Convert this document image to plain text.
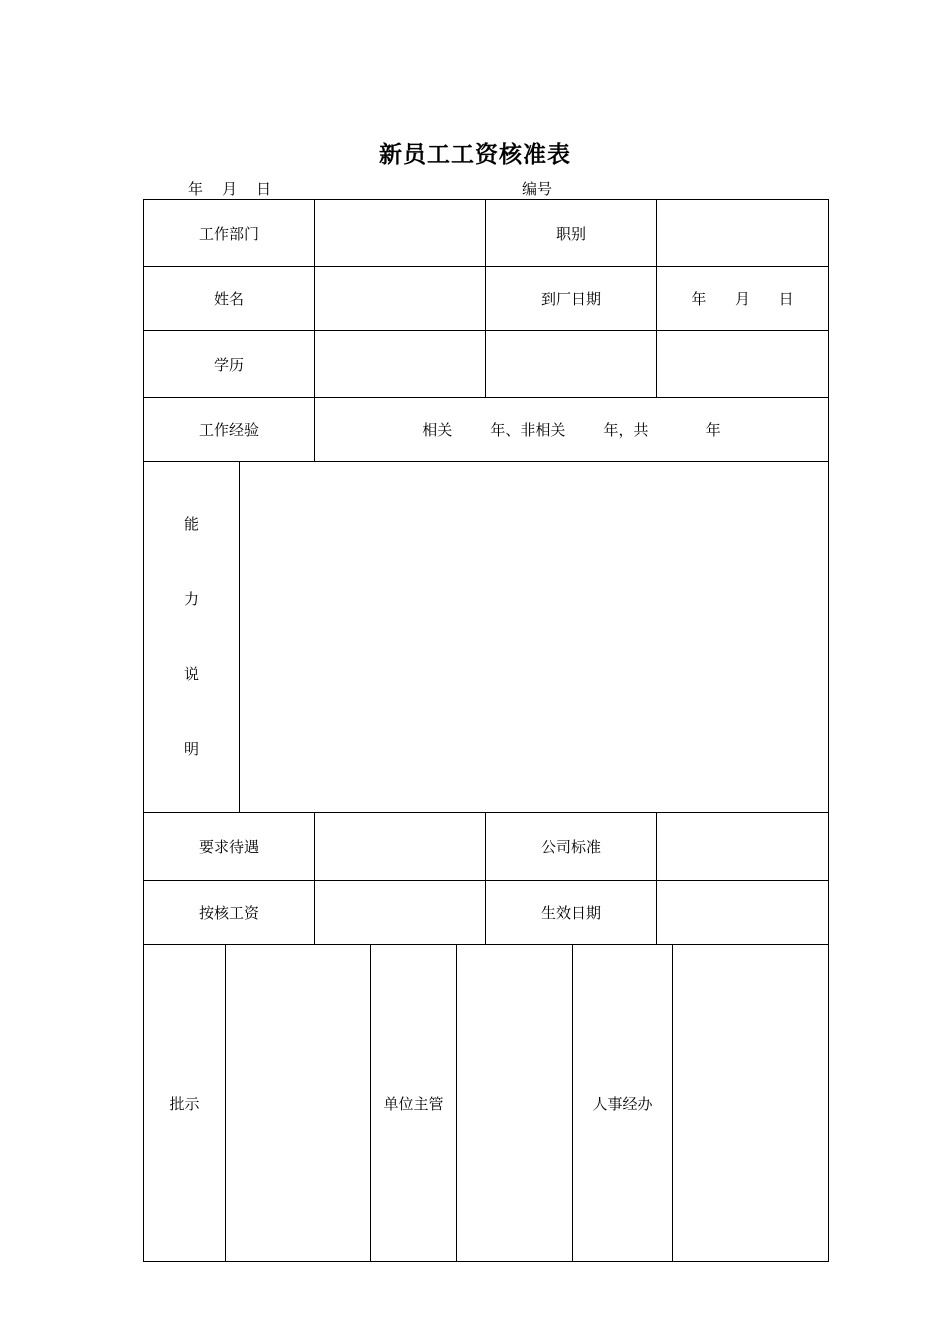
新员工工资核准表
年    月    日	编号
工作部门		职别	
姓名		到厂日期	年      月      日
学历			
工作经验	相关        年、非相关        年，共            年		

能

力

说

明

要求待遇		公司标准	
按核工资		生效日期	
批示		单位主管		人事经办	
